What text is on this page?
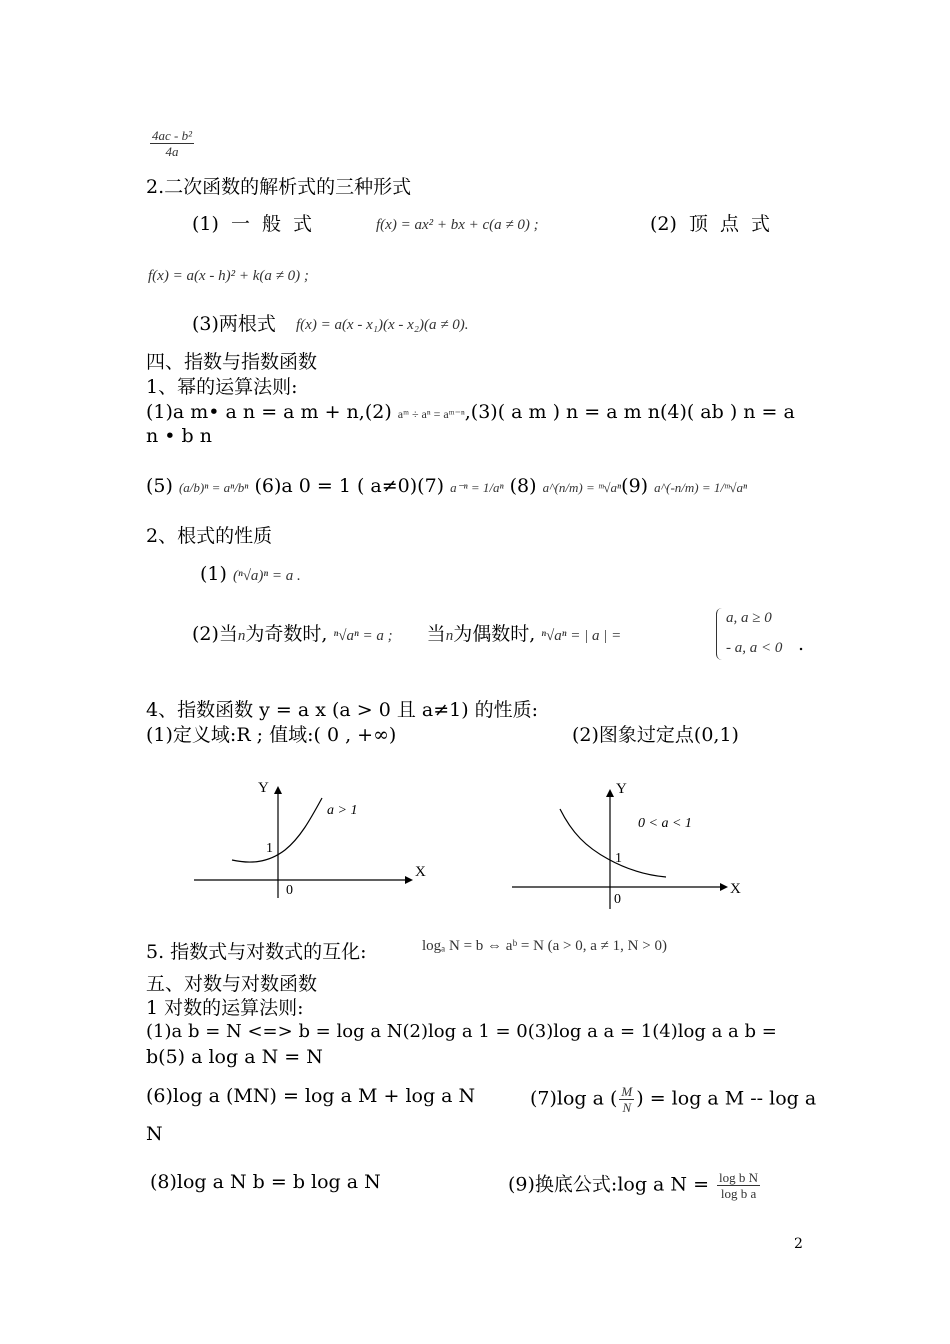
$\frac{\text{4ac - b²}}{4a}$
2.二次函数的解析式的三种形式
(1) 一 般 式	f(x) = ax² + bx + c(a ≠ 0) ;	(2) 顶 点 式
f(x) = a(x - h)² + k(a ≠ 0) ;
(3)两根式 f(x) = a(x - x₁)(x - x₂)(a ≠ 0).
四、指数与指数函数
1、幂的运算法则:
(1)a m• a n = a m + n,(2) aᵐ ÷ aⁿ = aᵐ⁻ⁿ,(3)( a m ) n = a m n(4)( ab ) n = a
n • b n
(5) (a/b)ⁿ = aⁿ/bⁿ (6)a 0 = 1 ( a≠0)(7) a⁻ⁿ = 1/aⁿ (8) a^(n/m) = ᵐ√aⁿ(9) a^(-n/m) = 1/ᵐ√aⁿ
2、根式的性质
(1) (ⁿ√a)ⁿ = a .
(2)当n为奇数时, ⁿ√aⁿ = a ; 当n为偶数时, ⁿ√aⁿ = | a | =
a, a ≥ 0
- a, a < 0 .
4、指数函数 y = a x (a > 0 且 a≠1) 的性质:
(1)定义域:R ; 值域:( 0 , +∞)	(2)图象过定点(0,1)
Y
X
0
1
a > 1
Y
X
0
1
0 < a < 1
5. 指数式与对数式的互化:	logₐ N = b ⇔ aᵇ = N (a > 0, a ≠ 1, N > 0)
五、对数与对数函数
1 对数的运算法则:
(1)a b = N <=> b = log a N(2)log a 1 = 0(3)log a a = 1(4)log a a b =
b(5) a log a N = N
(6)log a (MN) = log a M + log a N	(7)log a ( $\frac{M}{N}$ ) = log a M -- log a
N
(8)log a N b = b log a N	(9)换底公式:log a $N = \frac{\text{log b N}}{\text{log b a}}$
2
